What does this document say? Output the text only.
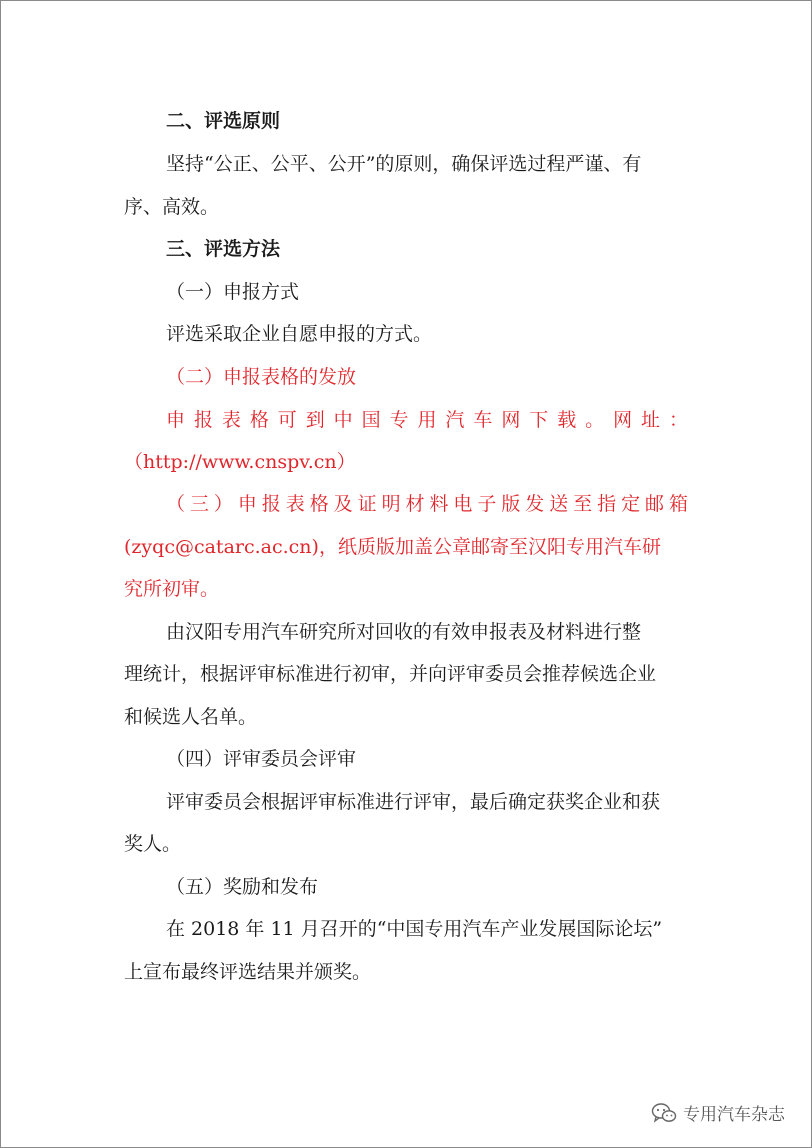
二、评选原则
坚持“公正、公平、公开”的原则，确保评选过程严谨、有
序、高效。
三、评选方法
（一）申报方式
评选采取企业自愿申报的方式。
（二）申报表格的发放
申报表格可到中国专用汽车网下载。网址：
（http://www.cnspv.cn）
（三）申报表格及证明材料电子版发送至指定邮箱
(zyqc@catarc.ac.cn)，纸质版加盖公章邮寄至汉阳专用汽车研
究所初审。
由汉阳专用汽车研究所对回收的有效申报表及材料进行整
理统计，根据评审标准进行初审，并向评审委员会推荐候选企业
和候选人名单。
（四）评审委员会评审
评审委员会根据评审标准进行评审，最后确定获奖企业和获
奖人。
（五）奖励和发布
在 2018 年 11 月召开的“中国专用汽车产业发展国际论坛”
上宣布最终评选结果并颁奖。
专用汽车杂志
